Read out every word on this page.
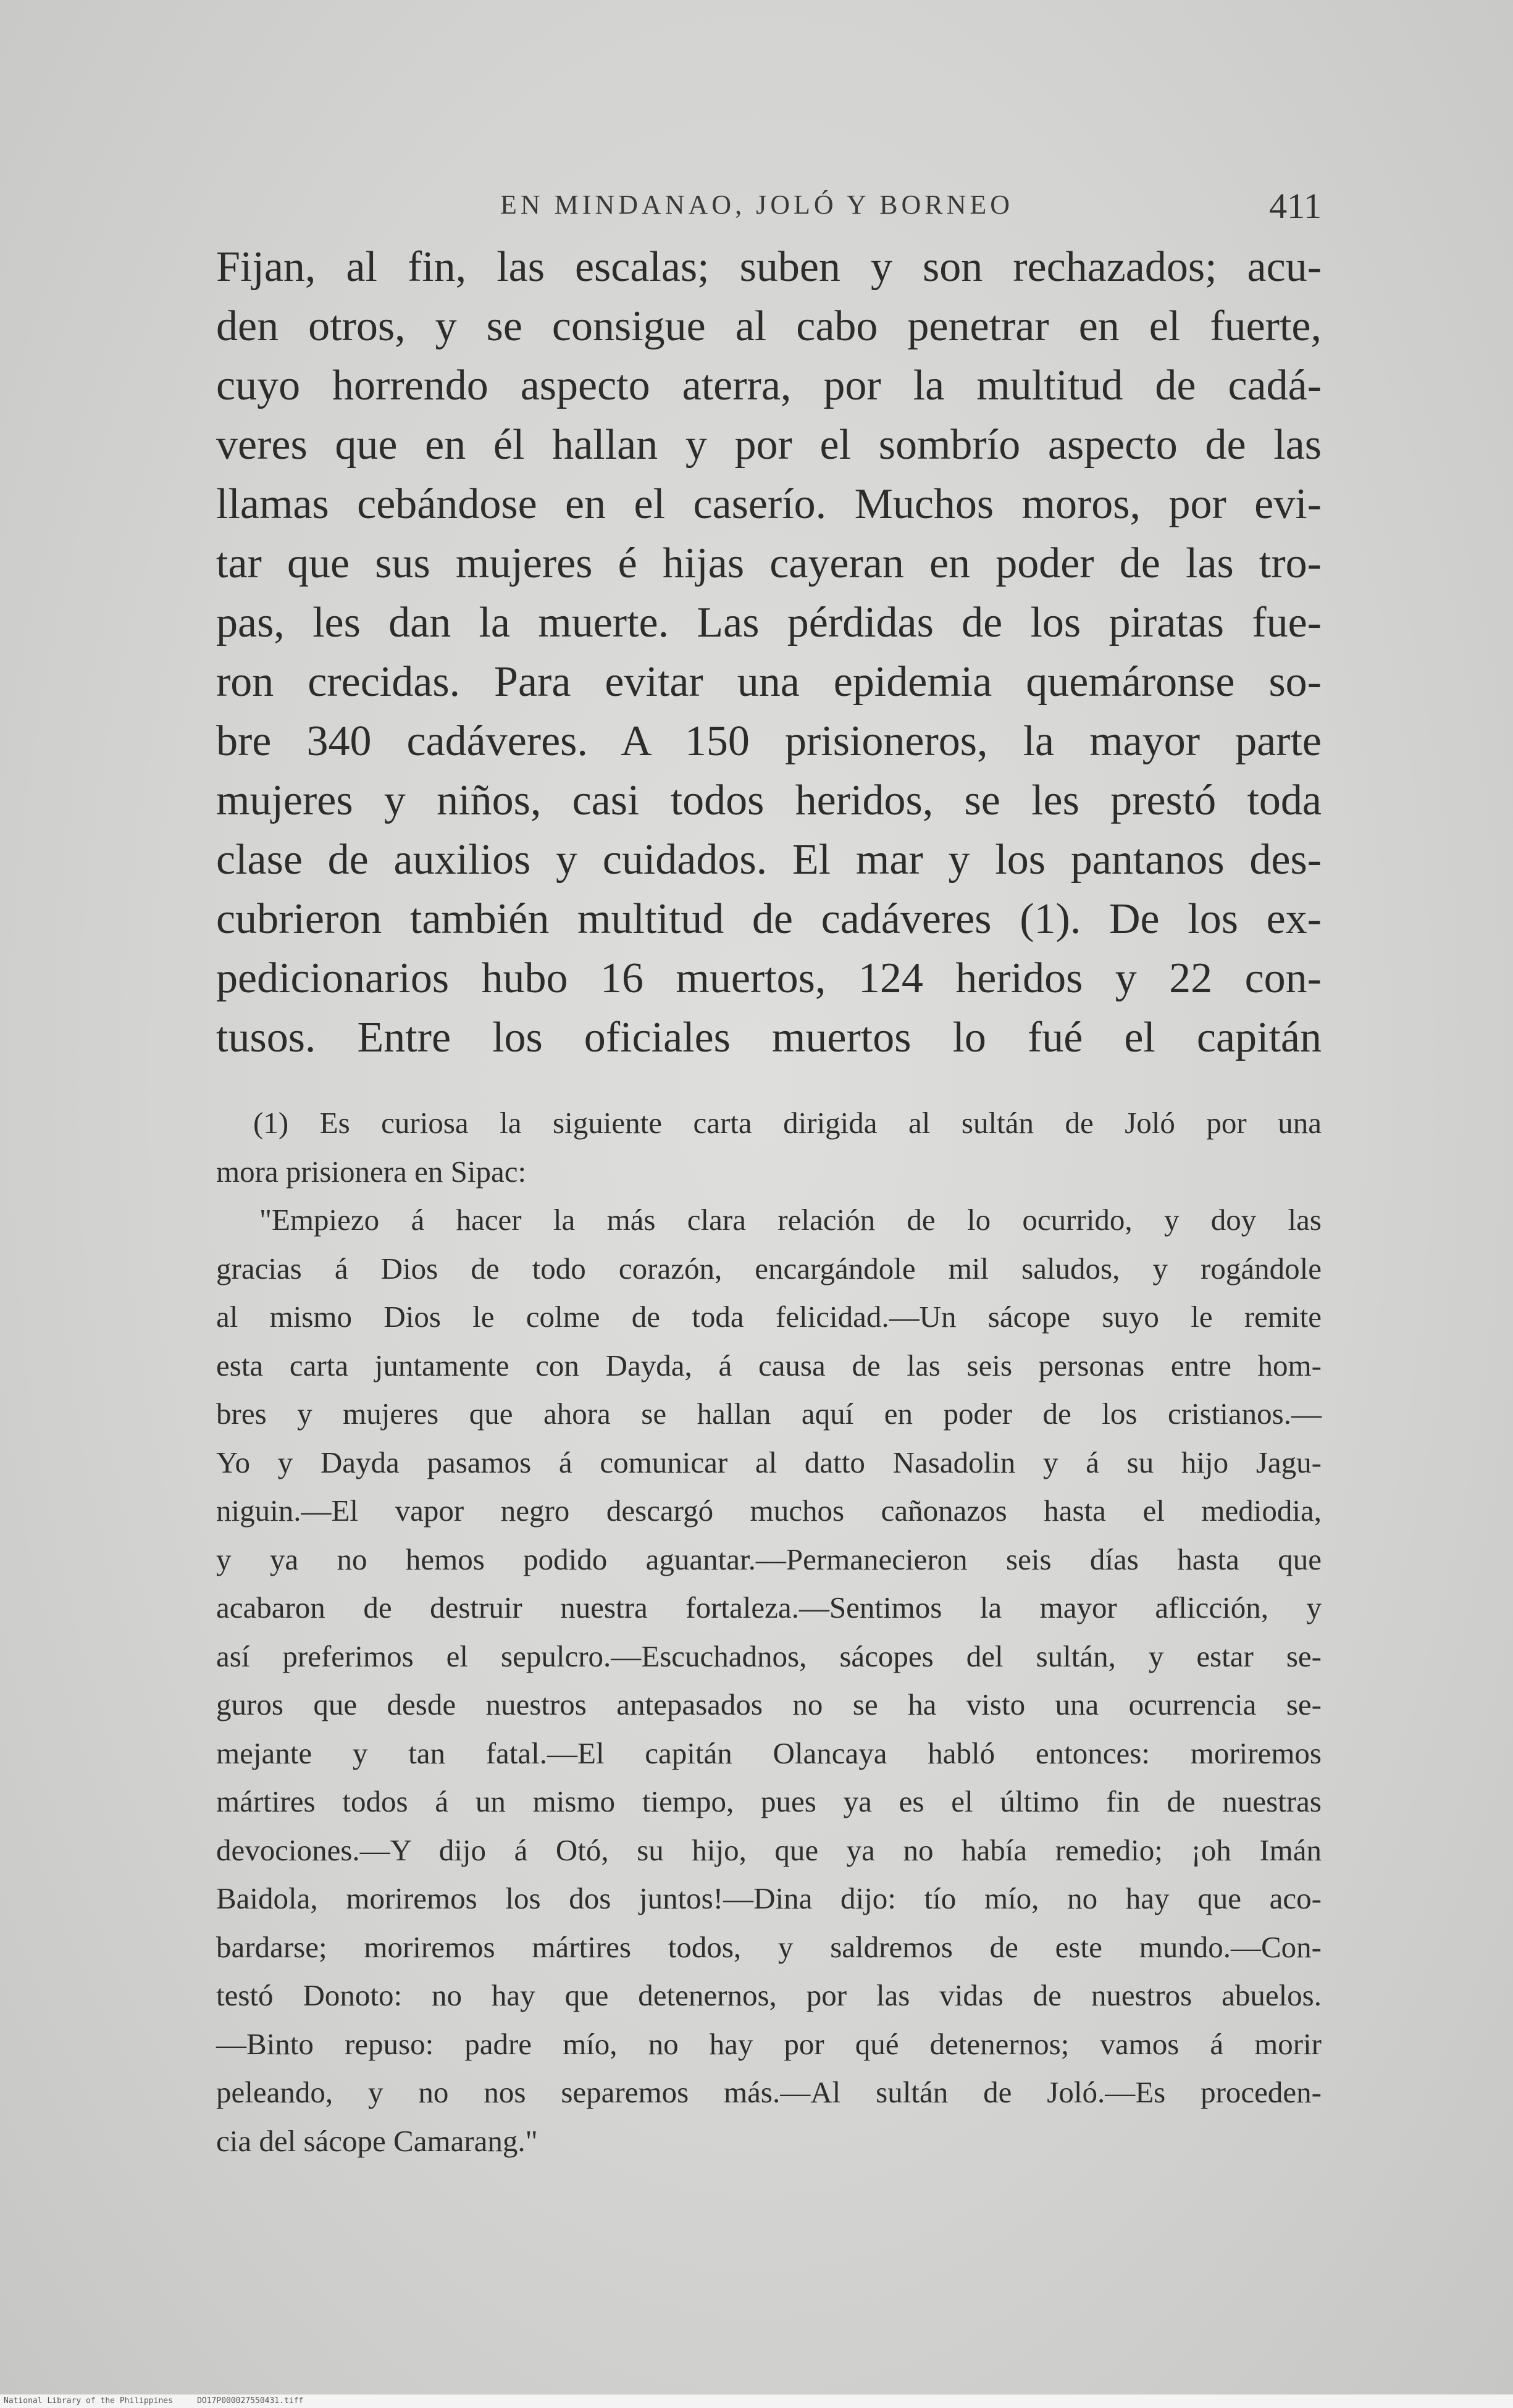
EN MINDANAO, JOLÓ Y BORNEO	411
Fijan, al fin, las escalas; suben y son rechazados; acu-
den otros, y se consigue al cabo penetrar en el fuerte,
cuyo horrendo aspecto aterra, por la multitud de cadá-
veres que en él hallan y por el sombrío aspecto de las
llamas cebándose en el caserío. Muchos moros, por evi-
tar que sus mujeres é hijas cayeran en poder de las tro-
pas, les dan la muerte. Las pérdidas de los piratas fue-
ron crecidas. Para evitar una epidemia quemáronse so-
bre 340 cadáveres. A 150 prisioneros, la mayor parte
mujeres y niños, casi todos heridos, se les prestó toda
clase de auxilios y cuidados. El mar y los pantanos des-
cubrieron también multitud de cadáveres (1). De los ex-
pedicionarios hubo 16 muertos, 124 heridos y 22 con-
tusos. Entre los oficiales muertos lo fué el capitán
(1) Es curiosa la siguiente carta dirigida al sultán de Joló por una
mora prisionera en Sipac:
"Empiezo á hacer la más clara relación de lo ocurrido, y doy las
gracias á Dios de todo corazón, encargándole mil saludos, y rogándole
al mismo Dios le colme de toda felicidad.—Un sácope suyo le remite
esta carta juntamente con Dayda, á causa de las seis personas entre hom-
bres y mujeres que ahora se hallan aquí en poder de los cristianos.—
Yo y Dayda pasamos á comunicar al datto Nasadolin y á su hijo Jagu-
niguin.—El vapor negro descargó muchos cañonazos hasta el mediodia,
y ya no hemos podido aguantar.—Permanecieron seis días hasta que
acabaron de destruir nuestra fortaleza.—Sentimos la mayor aflicción, y
así preferimos el sepulcro.—Escuchadnos, sácopes del sultán, y estar se-
guros que desde nuestros antepasados no se ha visto una ocurrencia se-
mejante y tan fatal.—El capitán Olancaya habló entonces: moriremos
mártires todos á un mismo tiempo, pues ya es el último fin de nuestras
devociones.—Y dijo á Otó, su hijo, que ya no había remedio; ¡oh Imán
Baidola, moriremos los dos juntos!—Dina dijo: tío mío, no hay que aco-
bardarse; moriremos mártires todos, y saldremos de este mundo.—Con-
testó Donoto: no hay que detenernos, por las vidas de nuestros abuelos.
—Binto repuso: padre mío, no hay por qué detenernos; vamos á morir
peleando, y no nos separemos más.—Al sultán de Joló.—Es proceden-
cia del sácope Camarang."
National Library of the Philippines     DO17P000027550431.tiff
